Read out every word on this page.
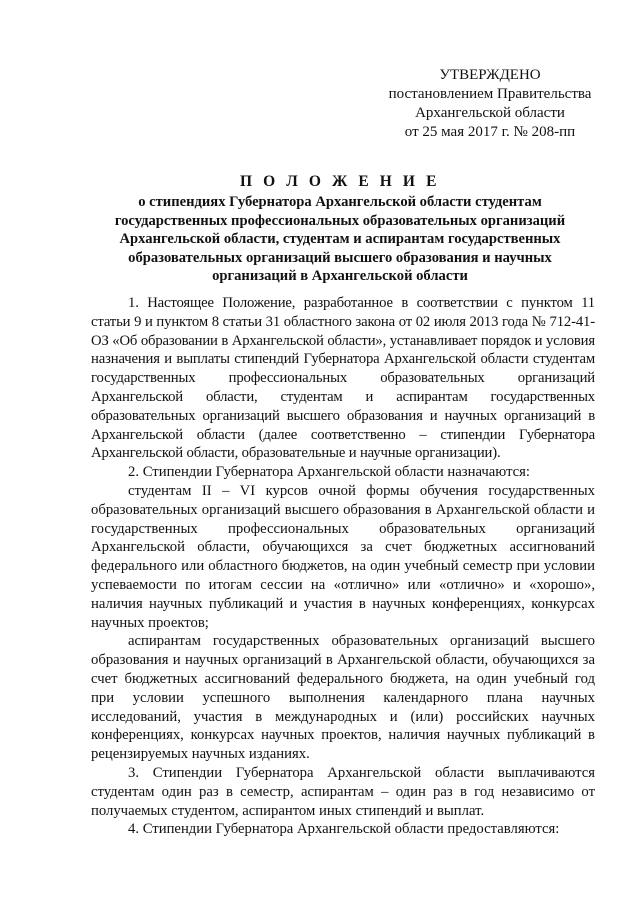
УТВЕРЖДЕНО
постановлением Правительства
Архангельской области
от 25 мая 2017 г. № 208-пп
П О Л О Ж Е Н И Е
о стипендиях Губернатора Архангельской области студентам
государственных профессиональных образовательных организаций
Архангельской области, студентам и аспирантам государственных
образовательных организаций высшего образования и научных
организаций в Архангельской области

1. Настоящее Положение, разработанное в соответствии с пунктом 11 статьи 9 и пунктом 8 статьи 31 областного закона от 02 июля 2013 года № 712-41-ОЗ «Об образовании в Архангельской области», устанавливает порядок и условия назначения и выплаты стипендий Губернатора Архангельской области студентам государственных профессиональных образовательных организаций Архангельской области, студентам и аспирантам государственных образовательных организаций высшего образования и научных организаций в Архангельской области (далее соответственно – стипендии Губернатора Архангельской области, образовательные и научные организации).

2. Стипендии Губернатора Архангельской области назначаются:

студентам II – VI курсов очной формы обучения государственных образовательных организаций высшего образования в Архангельской области и государственных профессиональных образовательных организаций Архангельской области, обучающихся за счет бюджетных ассигнований федерального или областного бюджетов, на один учебный семестр при условии успеваемости по итогам сессии на «отлично» или «отлично» и «хорошо», наличия научных публикаций и участия в научных конференциях, конкурсах научных проектов;

аспирантам государственных образовательных организаций высшего образования и научных организаций в Архангельской области, обучающихся за счет бюджетных ассигнований федерального бюджета, на один учебный год при условии успешного выполнения календарного плана научных исследований, участия в международных и (или) российских научных конференциях, конкурсах научных проектов, наличия научных публикаций в рецензируемых научных изданиях.

3. Стипендии Губернатора Архангельской области выплачиваются студентам один раз в семестр, аспирантам – один раз в год независимо от получаемых студентом, аспирантом иных стипендий и выплат.

4. Стипендии Губернатора Архангельской области предоставляются:
